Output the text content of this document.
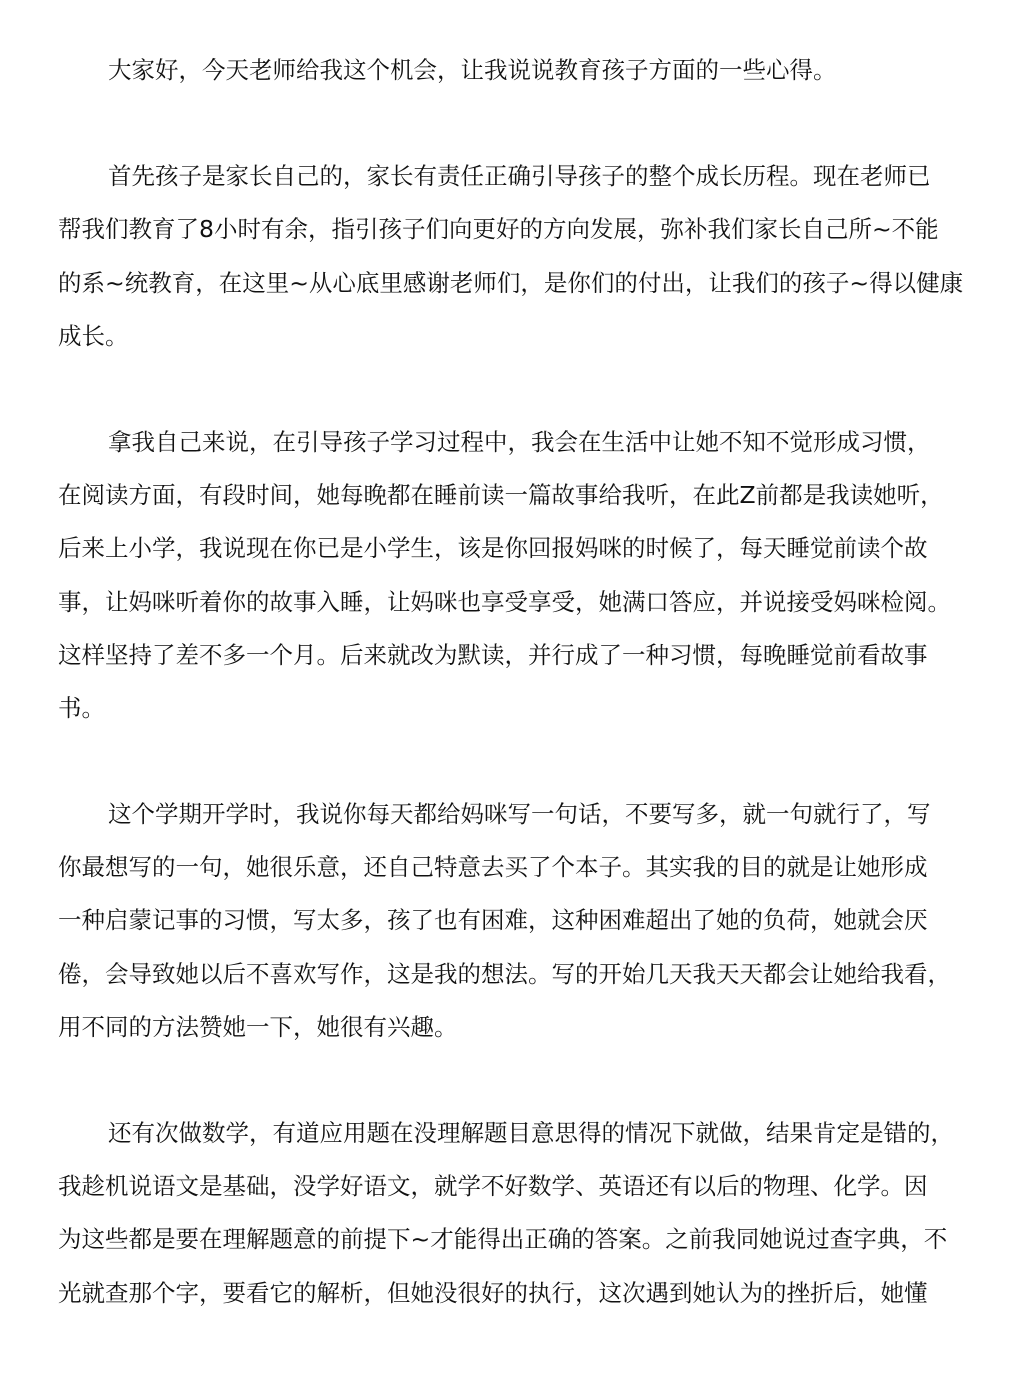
大家好，今天老师给我这个机会，让我说说教育孩子方面的一些心得。
首先孩子是家长自己的，家长有责任正确引导孩子的整个成长历程。现在老师已
帮我们教育了8小时有余，指引孩子们向更好的方向发展，弥补我们家长自己所~不能
的系~统教育，在这里~从心底里感谢老师们，是你们的付出，让我们的孩子~得以健康
成长。
拿我自己来说，在引导孩子学习过程中，我会在生活中让她不知不觉形成习惯，
在阅读方面，有段时间，她每晚都在睡前读一篇故事给我听，在此Z前都是我读她听，
后来上小学，我说现在你已是小学生，该是你回报妈咪的时候了，每天睡觉前读个故
事，让妈咪听着你的故事入睡，让妈咪也享受享受，她满口答应，并说接受妈咪检阅。
这样坚持了差不多一个月。后来就改为默读，并行成了一种习惯，每晚睡觉前看故事
书。
这个学期开学时，我说你每天都给妈咪写一句话，不要写多，就一句就行了，写
你最想写的一句，她很乐意，还自己特意去买了个本子。其实我的目的就是让她形成
一种启蒙记事的习惯，写太多，孩了也有困难，这种困难超出了她的负荷，她就会厌
倦，会导致她以后不喜欢写作，这是我的想法。写的开始几天我天天都会让她给我看，
用不同的方法赞她一下，她很有兴趣。
还有次做数学，有道应用题在没理解题目意思得的情况下就做，结果肯定是错的，
我趁机说语文是基础，没学好语文，就学不好数学、英语还有以后的物理、化学。因
为这些都是要在理解题意的前提下~才能得出正确的答案。之前我同她说过查字典，不
光就查那个字，要看它的解析，但她没很好的执行，这次遇到她认为的挫折后，她懂
